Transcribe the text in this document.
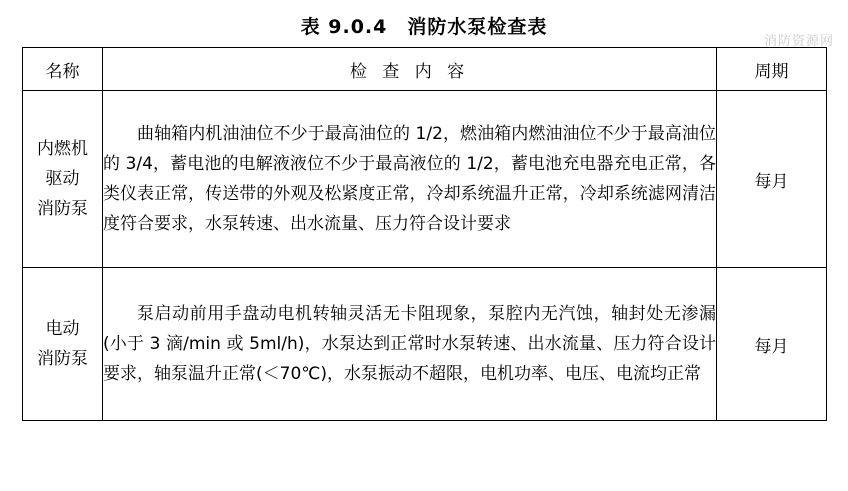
表 9.0.4　消防水泵检查表
消防资源网
名称	检 查 内 容	周期

内燃机
驱动
消防泵	曲轴箱内机油油位不少于最高油位的 1/2，燃油箱内燃油油位不少于最高油位的 3/4，蓄电池的电解液液位不少于最高液位的 1/2，蓄电池充电器充电正常，各类仪表正常，传送带的外观及松紧度正常，冷却系统温升正常，冷却系统滤网清洁度符合要求，水泵转速、出水流量、压力符合设计要求	每月

电动
消防泵	泵启动前用手盘动电机转轴灵活无卡阻现象，泵腔内无汽蚀，轴封处无渗漏(小于 3 滴/min 或 5ml/h)，水泵达到正常时水泵转速、出水流量、压力符合设计要求，轴泵温升正常(＜70℃)，水泵振动不超限，电机功率、电压、电流均正常	每月
